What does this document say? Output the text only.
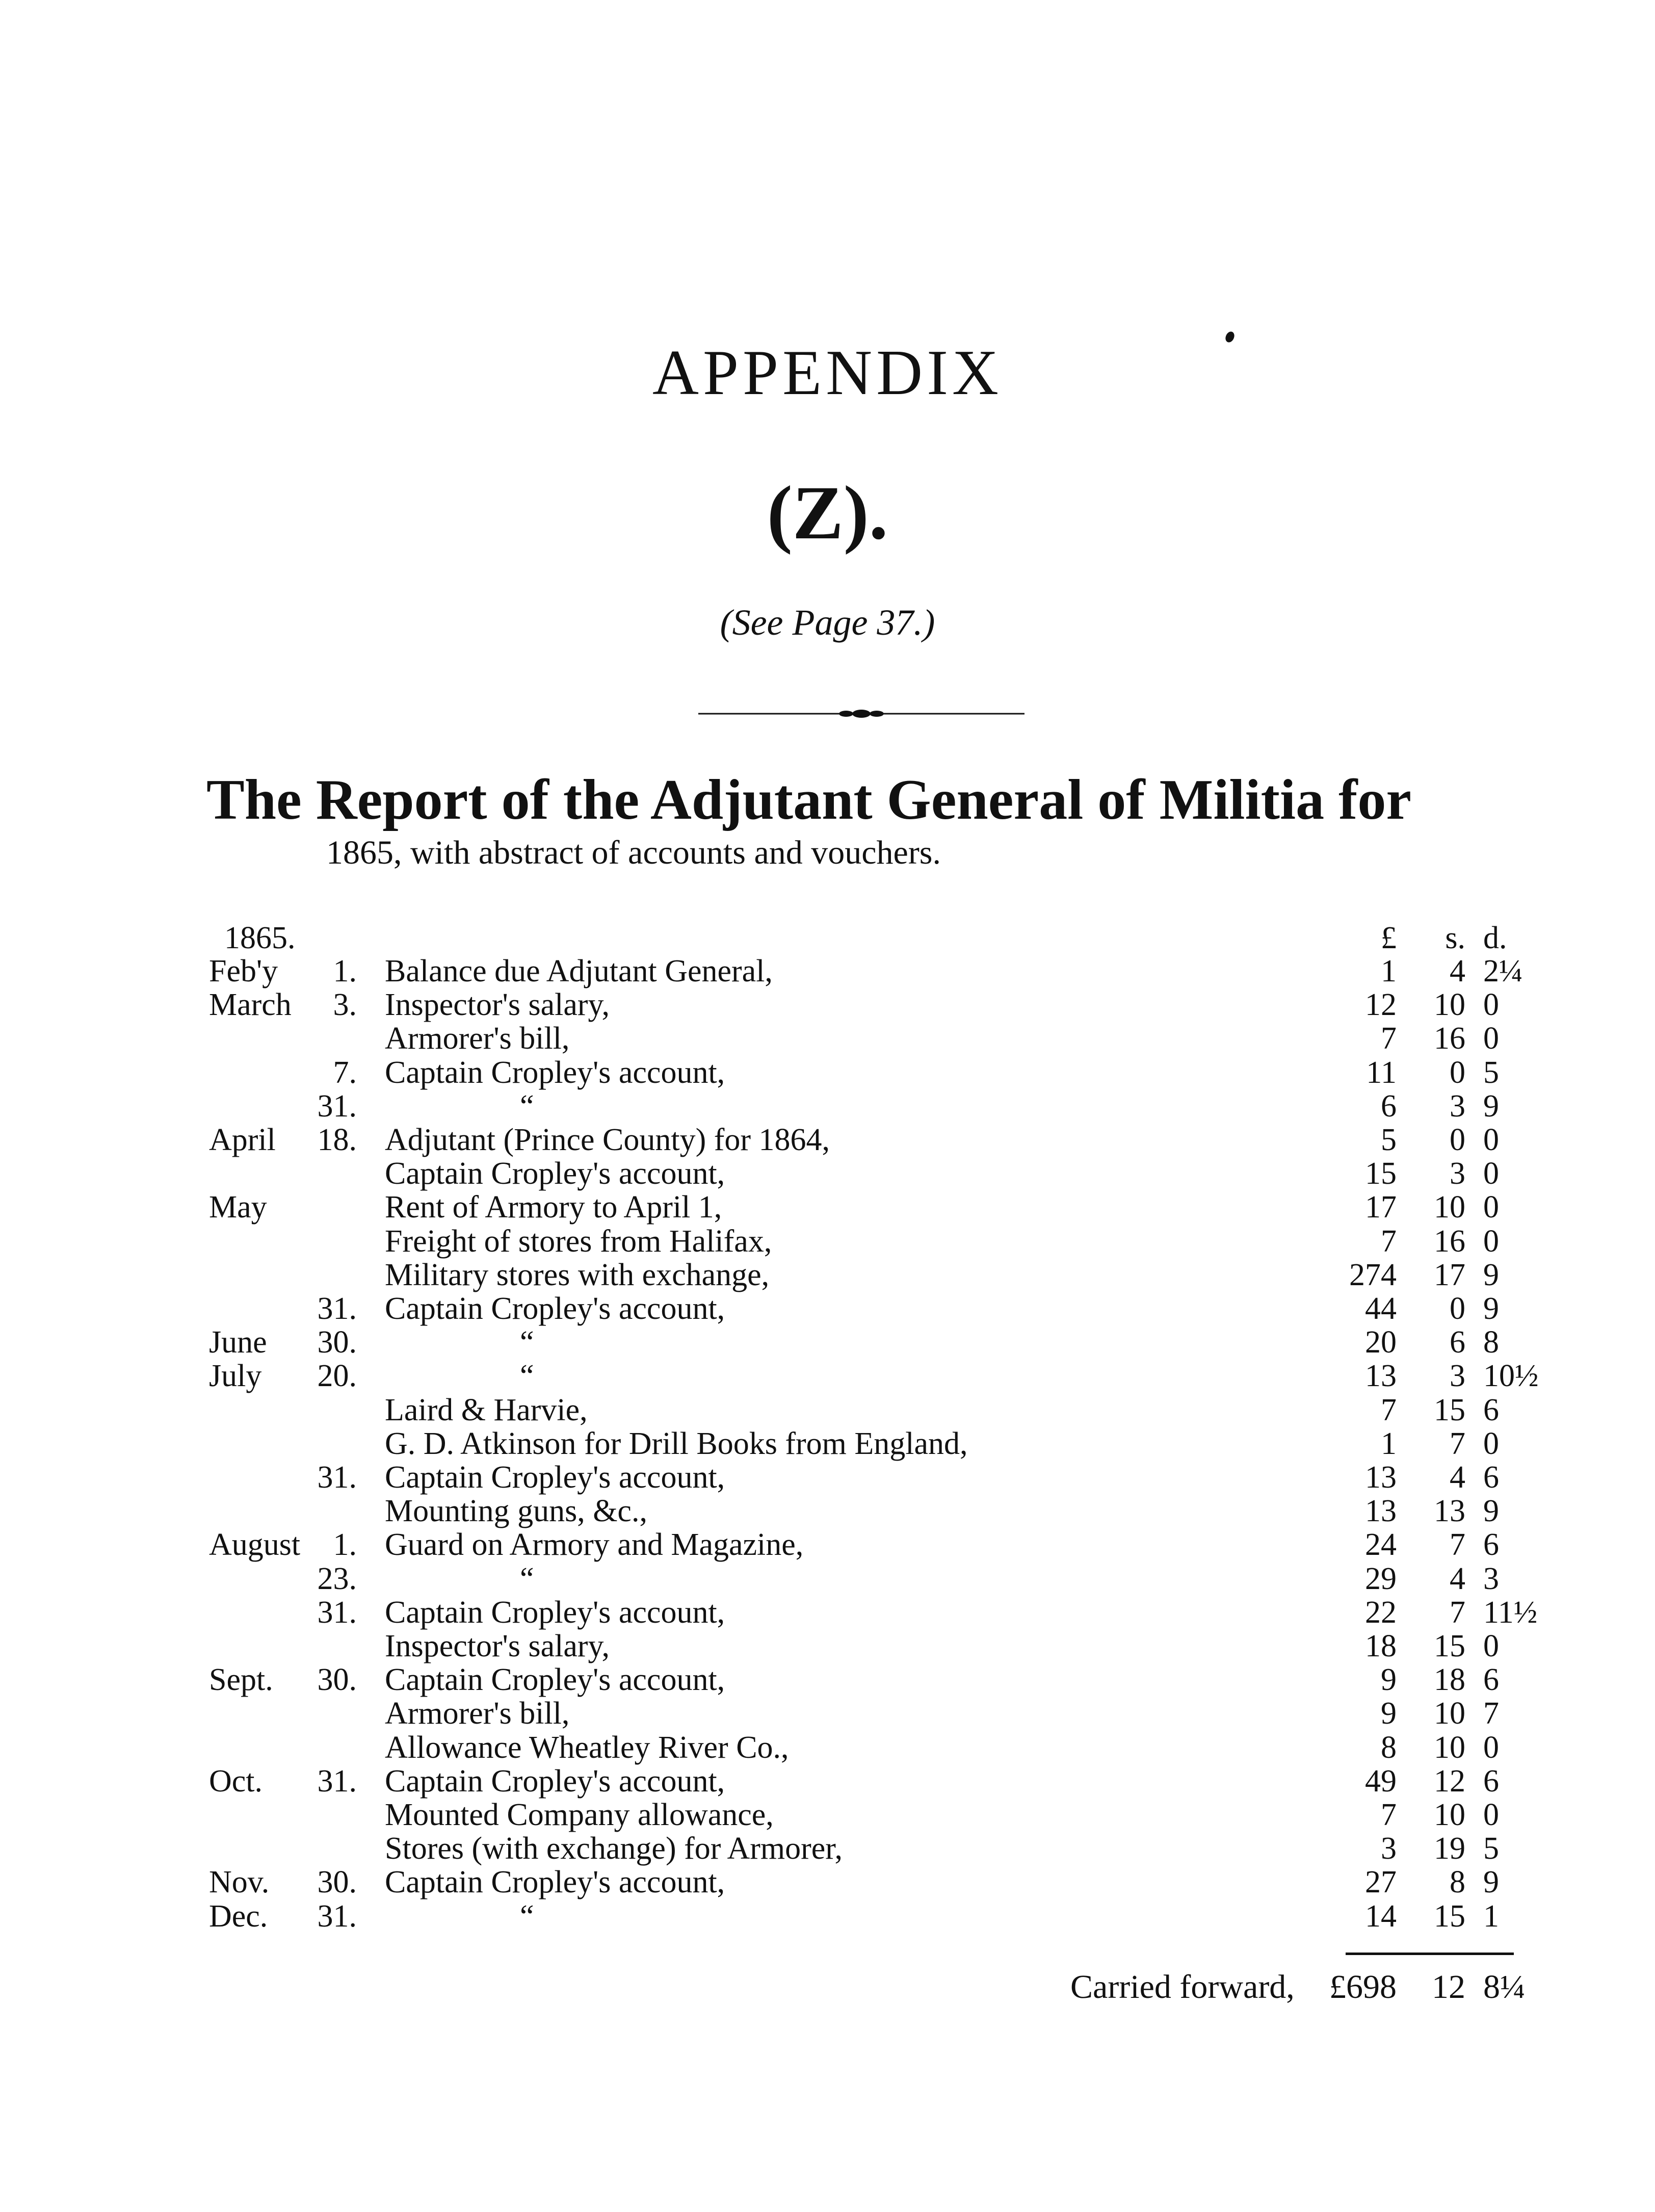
APPENDIX
(Z).
(See Page 37.)
The Report of the Adjutant General of Militia for
1865, with abstract of accounts and vouchers.
1865.	£	s. d.
Feb'y 1. Balance due Adjutant General,	1	4 2¼
March 3. Inspector's salary,	12	10 0
Armorer's bill,	7	16 0
7. Captain Cropley's account,	11	0 5
31.	“	6	3 9
April 18. Adjutant (Prince County) for 1864,	5	0 0
Captain Cropley's account,	15	3 0
May	Rent of Armory to April 1,	17	10 0
Freight of stores from Halifax,	7	16 0
Military stores with exchange,	274	17 9
31. Captain Cropley's account,	44	0 9
June 30.	“	20	6 8
July 20.	“	13	3 10½
Laird & Harvie,	7	15 6
G. D. Atkinson for Drill Books from England,	1	7 0
31. Captain Cropley's account,	13	4 6
Mounting guns, &c.,	13	13 9
August 1. Guard on Armory and Magazine,	24	7 6
23.	“	29	4 3
31. Captain Cropley's account,	22	7 11½
Inspector's salary,	18	15 0
Sept. 30. Captain Cropley's account,	9	18 6
Armorer's bill,	9	10 7
Allowance Wheatley River Co.,	8	10 0
Oct. 31. Captain Cropley's account,	49	12 6
Mounted Company allowance,	7	10 0
Stores (with exchange) for Armorer,	3	19 5
Nov. 30. Captain Cropley's account,	27	8 9
Dec. 31.	“	14	15 1
Carried forward,	£698	12 8¼
